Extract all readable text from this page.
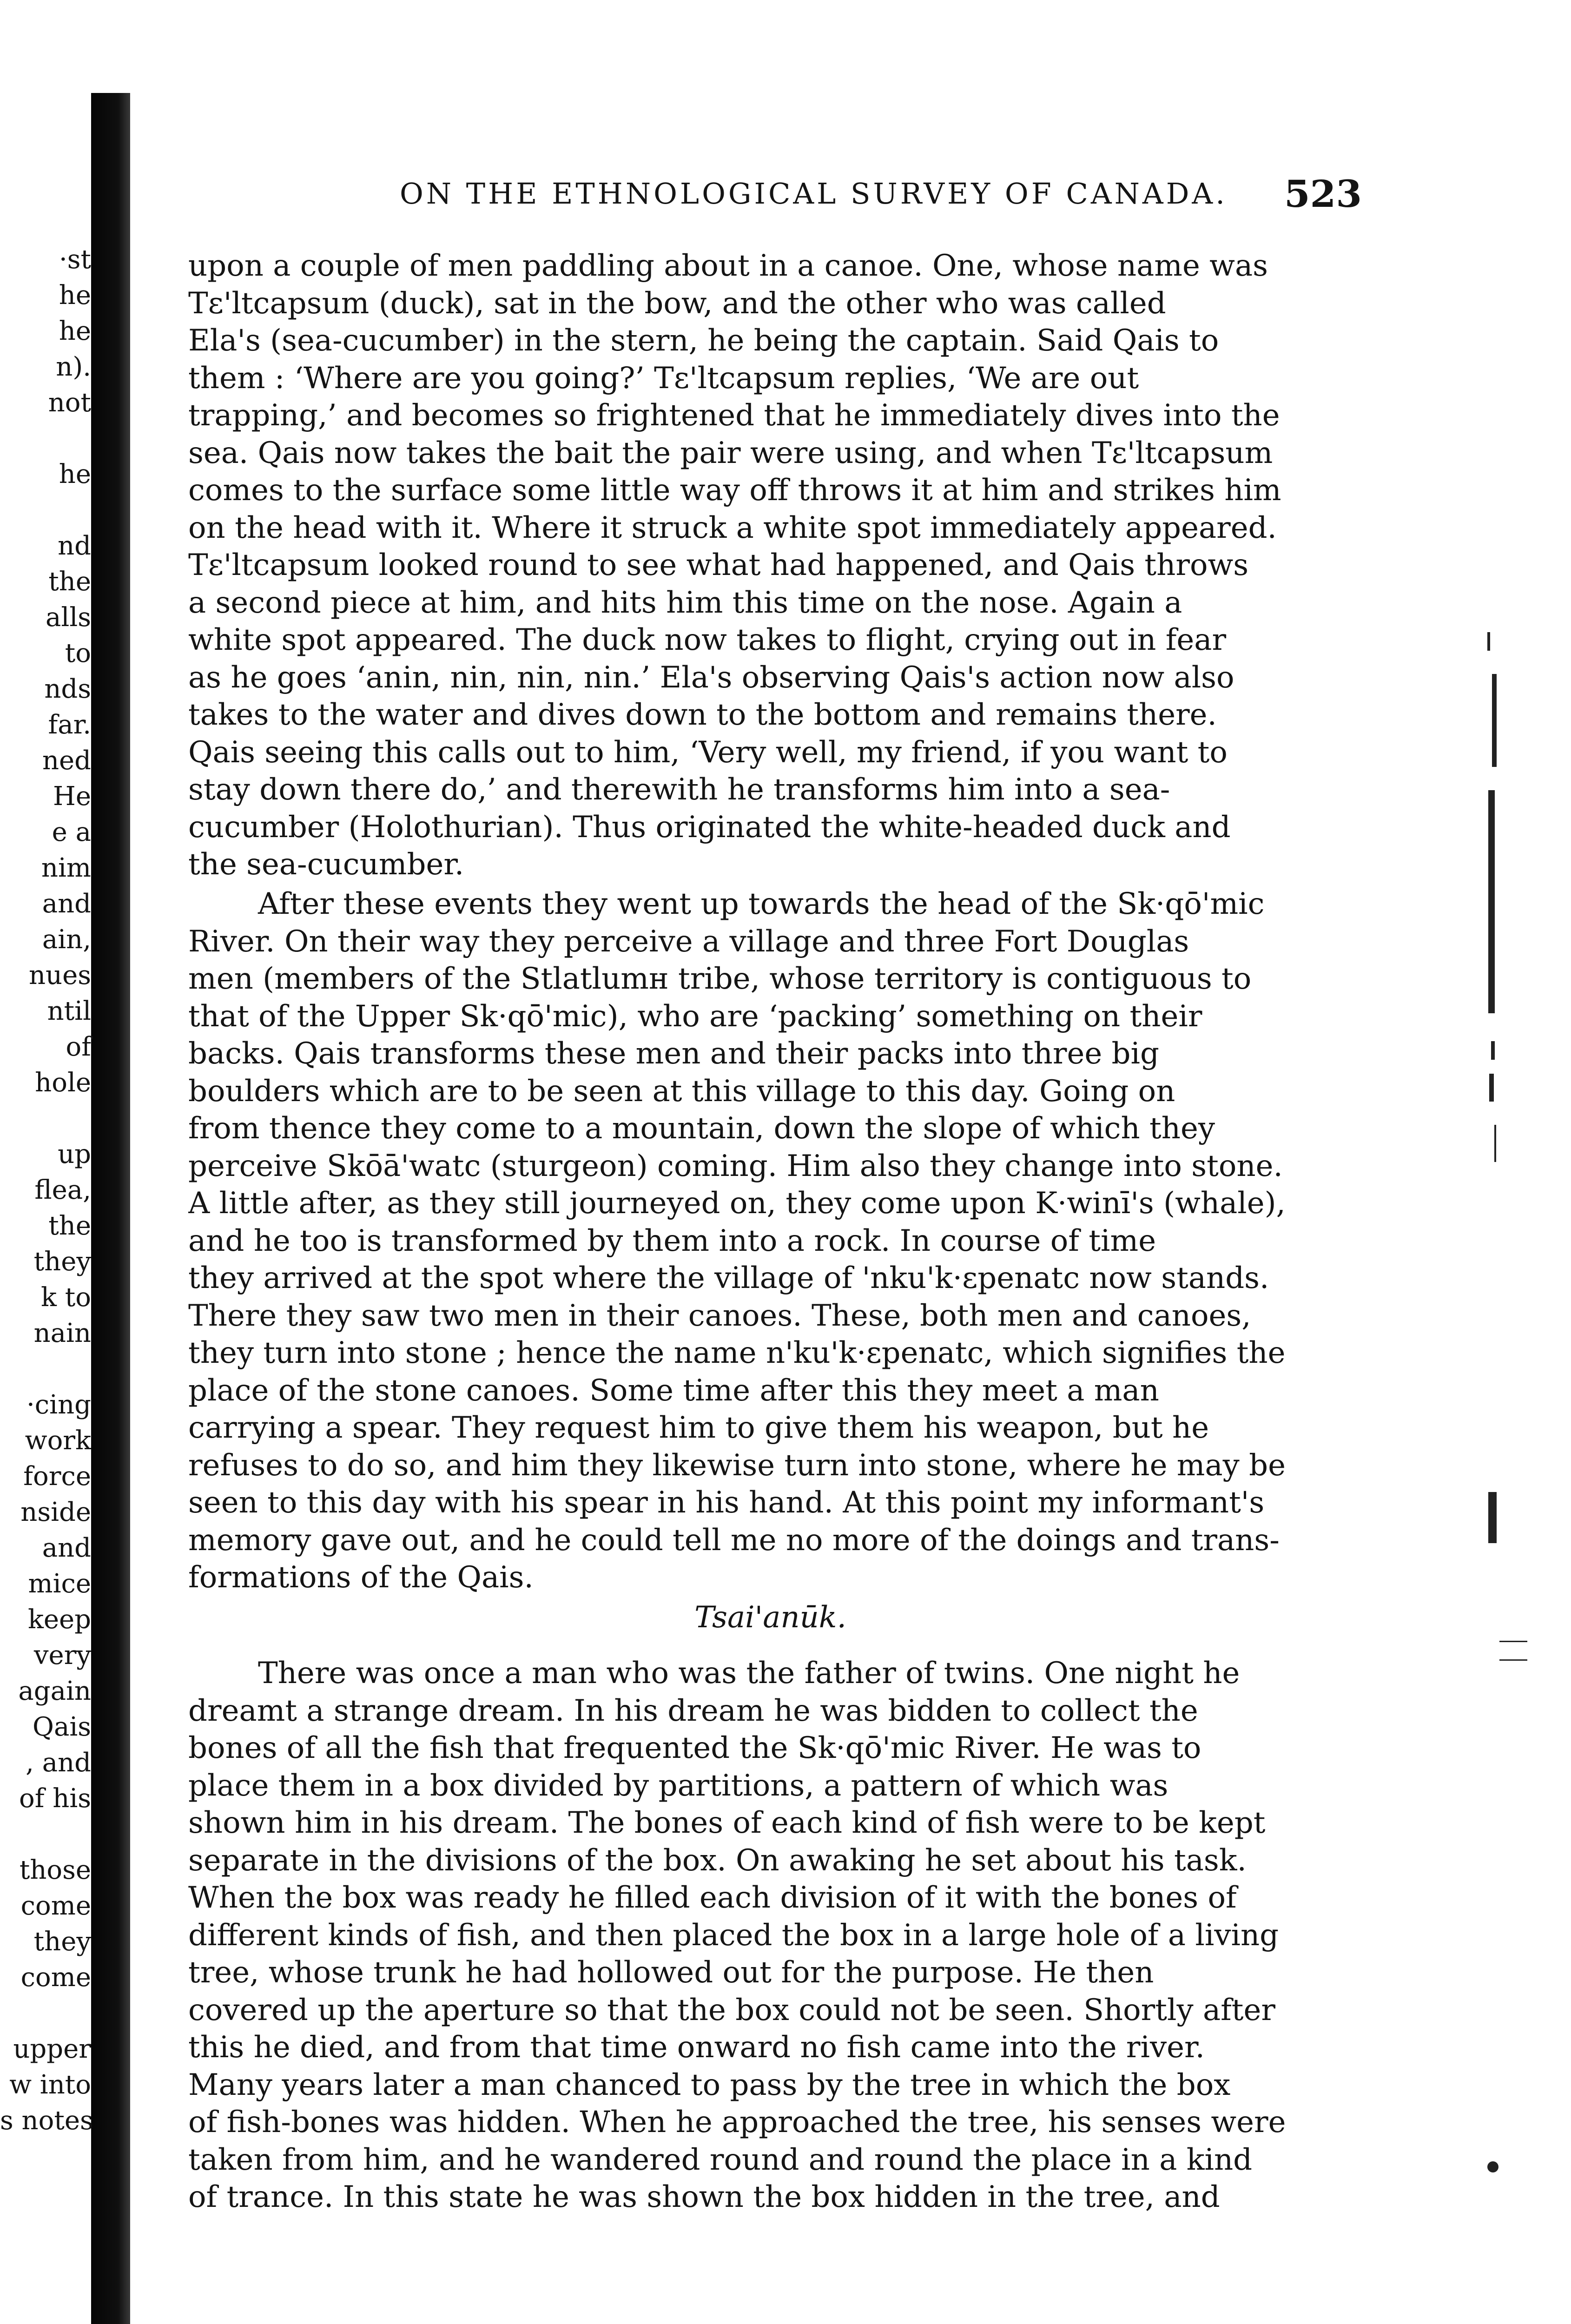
·st
he
he
n).
not
he
nd
the
alls
to
nds
far.
ned
He
e a
nim
and
ain,
nues
ntil
of
hole
up
flea,
the
they
k to
nain
·cing
work
force
nside
and
mice
keep
very
again
Qais
, and
of his
those
come
they
come
upper
w into
s notes
ON THE ETHNOLOGICAL SURVEY OF CANADA. 523

upon a couple of men paddling about in a canoe. One, whose name was
Tɛ'ltcapsum (duck), sat in the bow, and the other who was called
Ela's (sea-cucumber) in the stern, he being the captain. Said Qais to
them : ‘Where are you going?’ Tɛ'ltcapsum replies, ‘We are out
trapping,’ and becomes so frightened that he immediately dives into the
sea. Qais now takes the bait the pair were using, and when Tɛ'ltcapsum
comes to the surface some little way off throws it at him and strikes him
on the head with it. Where it struck a white spot immediately appeared.
Tɛ'ltcapsum looked round to see what had happened, and Qais throws
a second piece at him, and hits him this time on the nose. Again a
white spot appeared. The duck now takes to flight, crying out in fear
as he goes ‘anin, nin, nin, nin.’ Ela's observing Qais's action now also
takes to the water and dives down to the bottom and remains there.
Qais seeing this calls out to him, ‘Very well, my friend, if you want to
stay down there do,’ and therewith he transforms him into a sea-
cucumber (Holothurian). Thus originated the white-headed duck and
the sea-cucumber.

After these events they went up towards the head of the Sk·qō'mic
River. On their way they perceive a village and three Fort Douglas
men (members of the Stlatlumн tribe, whose territory is contiguous to
that of the Upper Sk·qō'mic), who are ‘packing’ something on their
backs. Qais transforms these men and their packs into three big
boulders which are to be seen at this village to this day. Going on
from thence they come to a mountain, down the slope of which they
perceive Skōā'watc (sturgeon) coming. Him also they change into stone.
A little after, as they still journeyed on, they come upon K·winī's (whale),
and he too is transformed by them into a rock. In course of time
they arrived at the spot where the village of 'nku'k·ɛpenatc now stands.
There they saw two men in their canoes. These, both men and canoes,
they turn into stone ; hence the name n'ku'k·ɛpenatc, which signifies the
place of the stone canoes. Some time after this they meet a man
carrying a spear. They request him to give them his weapon, but he
refuses to do so, and him they likewise turn into stone, where he may be
seen to this day with his spear in his hand. At this point my informant's
memory gave out, and he could tell me no more of the doings and trans-
formations of the Qais.

Tsai'anūk.

There was once a man who was the father of twins. One night he
dreamt a strange dream. In his dream he was bidden to collect the
bones of all the fish that frequented the Sk·qō'mic River. He was to
place them in a box divided by partitions, a pattern of which was
shown him in his dream. The bones of each kind of fish were to be kept
separate in the divisions of the box. On awaking he set about his task.
When the box was ready he filled each division of it with the bones of
different kinds of fish, and then placed the box in a large hole of a living
tree, whose trunk he had hollowed out for the purpose. He then
covered up the aperture so that the box could not be seen. Shortly after
this he died, and from that time onward no fish came into the river.
Many years later a man chanced to pass by the tree in which the box
of fish-bones was hidden. When he approached the tree, his senses were
taken from him, and he wandered round and round the place in a kind
of trance. In this state he was shown the box hidden in the tree, and
